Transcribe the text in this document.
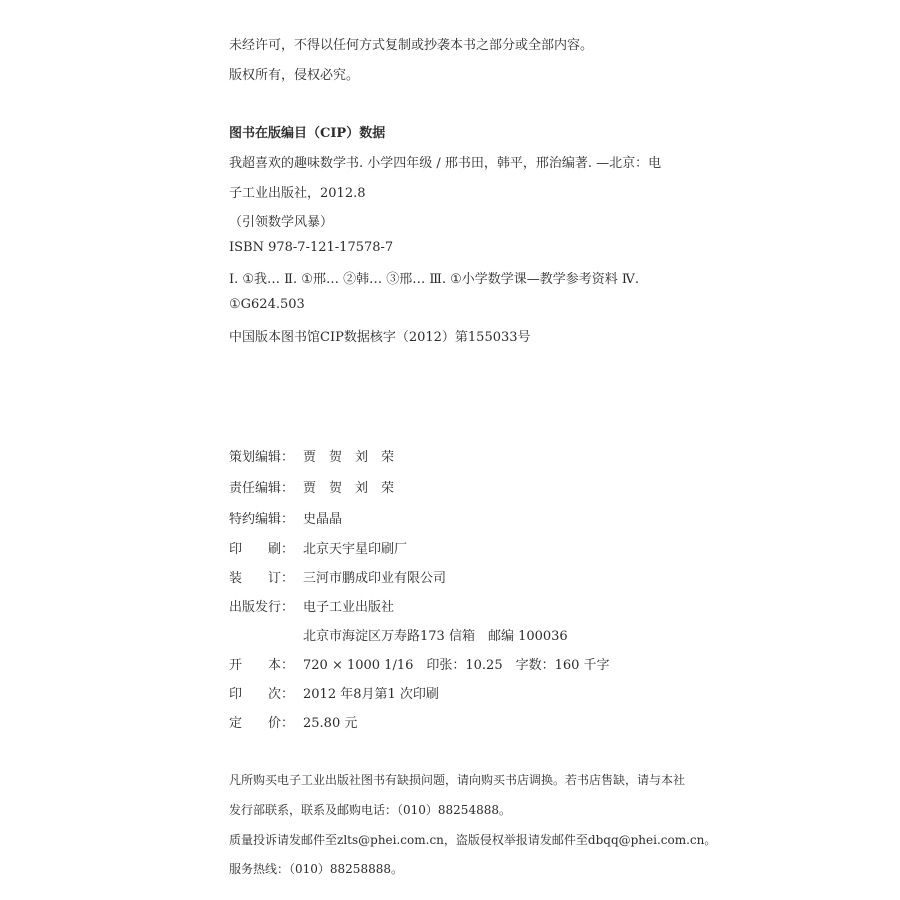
未经许可，不得以任何方式复制或抄袭本书之部分或全部内容。
版权所有，侵权必究。
图书在版编目（CIP）数据
我超喜欢的趣味数学书. 小学四年级 / 邢书田，韩平，邢治编著. —北京：电
子工业出版社，2012.8
（引领数学风暴）
ISBN 978-7-121-17578-7
Ⅰ. ①我… Ⅱ. ①邢… ②韩… ③邢… Ⅲ. ①小学数学课—教学参考资料 Ⅳ.
①G624.503
中国版本图书馆CIP数据核字（2012）第155033号
策划编辑： 贾　贺　刘　荣
责任编辑： 贾　贺　刘　荣
特约编辑： 史晶晶
印　　刷： 北京天宇星印刷厂
装　　订： 三河市鹏成印业有限公司
出版发行： 电子工业出版社
北京市海淀区万寿路173 信箱　邮编 100036
开　　本： 720 × 1000 1/16　印张：10.25　字数：160 千字
印　　次： 2012 年8月第1 次印刷
定　　价： 25.80 元
凡所购买电子工业出版社图书有缺损问题，请向购买书店调换。若书店售缺，请与本社
发行部联系，联系及邮购电话：（010）88254888。
质量投诉请发邮件至zlts@phei.com.cn，盗版侵权举报请发邮件至dbqq@phei.com.cn。
服务热线：（010）88258888。
